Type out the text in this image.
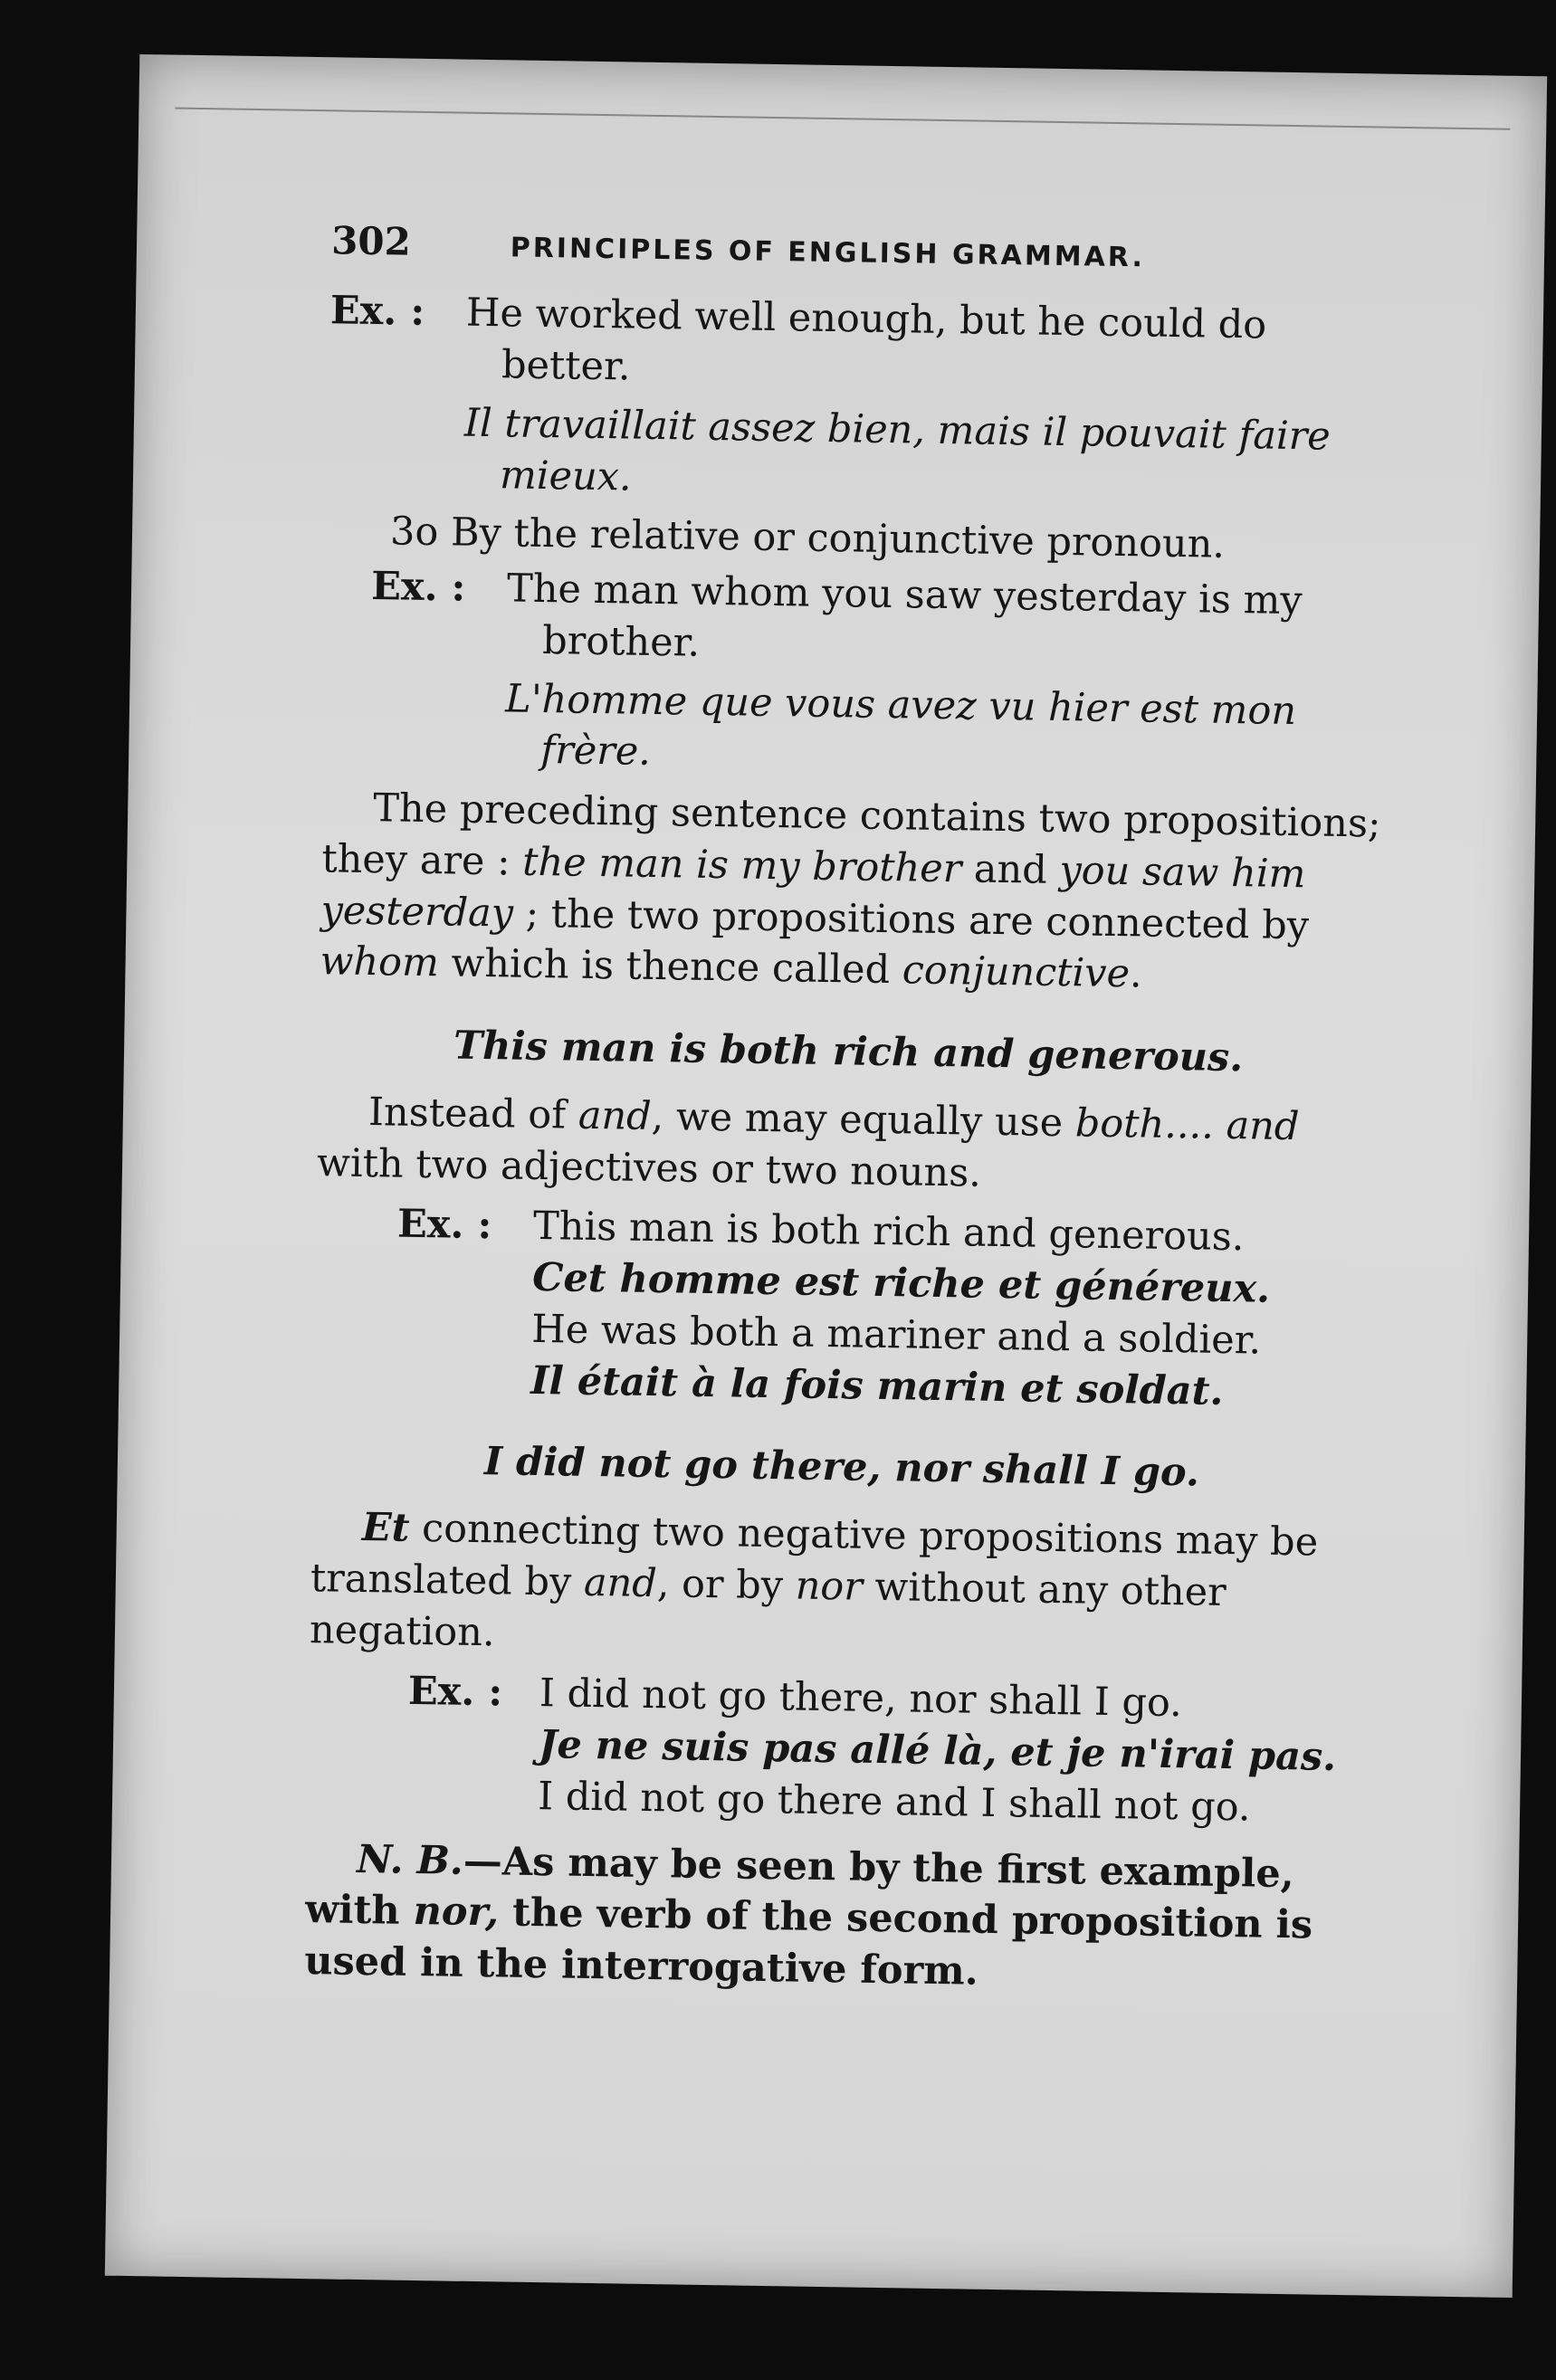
302	PRINCIPLES OF ENGLISH GRAMMAR.
Ex. :	He worked well enough, but he could do better.
Il travaillait assez bien, mais il pouvait faire mieux.
3o By the relative or conjunctive pronoun.
Ex. :	The man whom you saw yesterday is my brother.
L'homme que vous avez vu hier est mon frère.

The preceding sentence contains two propositions; they are : the man is my brother and you saw him yesterday ; the two propositions are connected by whom which is thence called conjunctive.

This man is both rich and generous.

Instead of and, we may equally use both.... and with two adjectives or two nouns.

Ex. :	This man is both rich and generous.
Cet homme est riche et généreux.
He was both a mariner and a soldier.
Il était à la fois marin et soldat.
I did not go there, nor shall I go.

Et connecting two negative propositions may be translated by and, or by nor without any other negation.

Ex. : I did not go there, nor shall I go.
Je ne suis pas allé là, et je n'irai pas.
I did not go there and I shall not go.

N. B.—As may be seen by the first example, with nor, the verb of the second proposition is used in the interrogative form.
